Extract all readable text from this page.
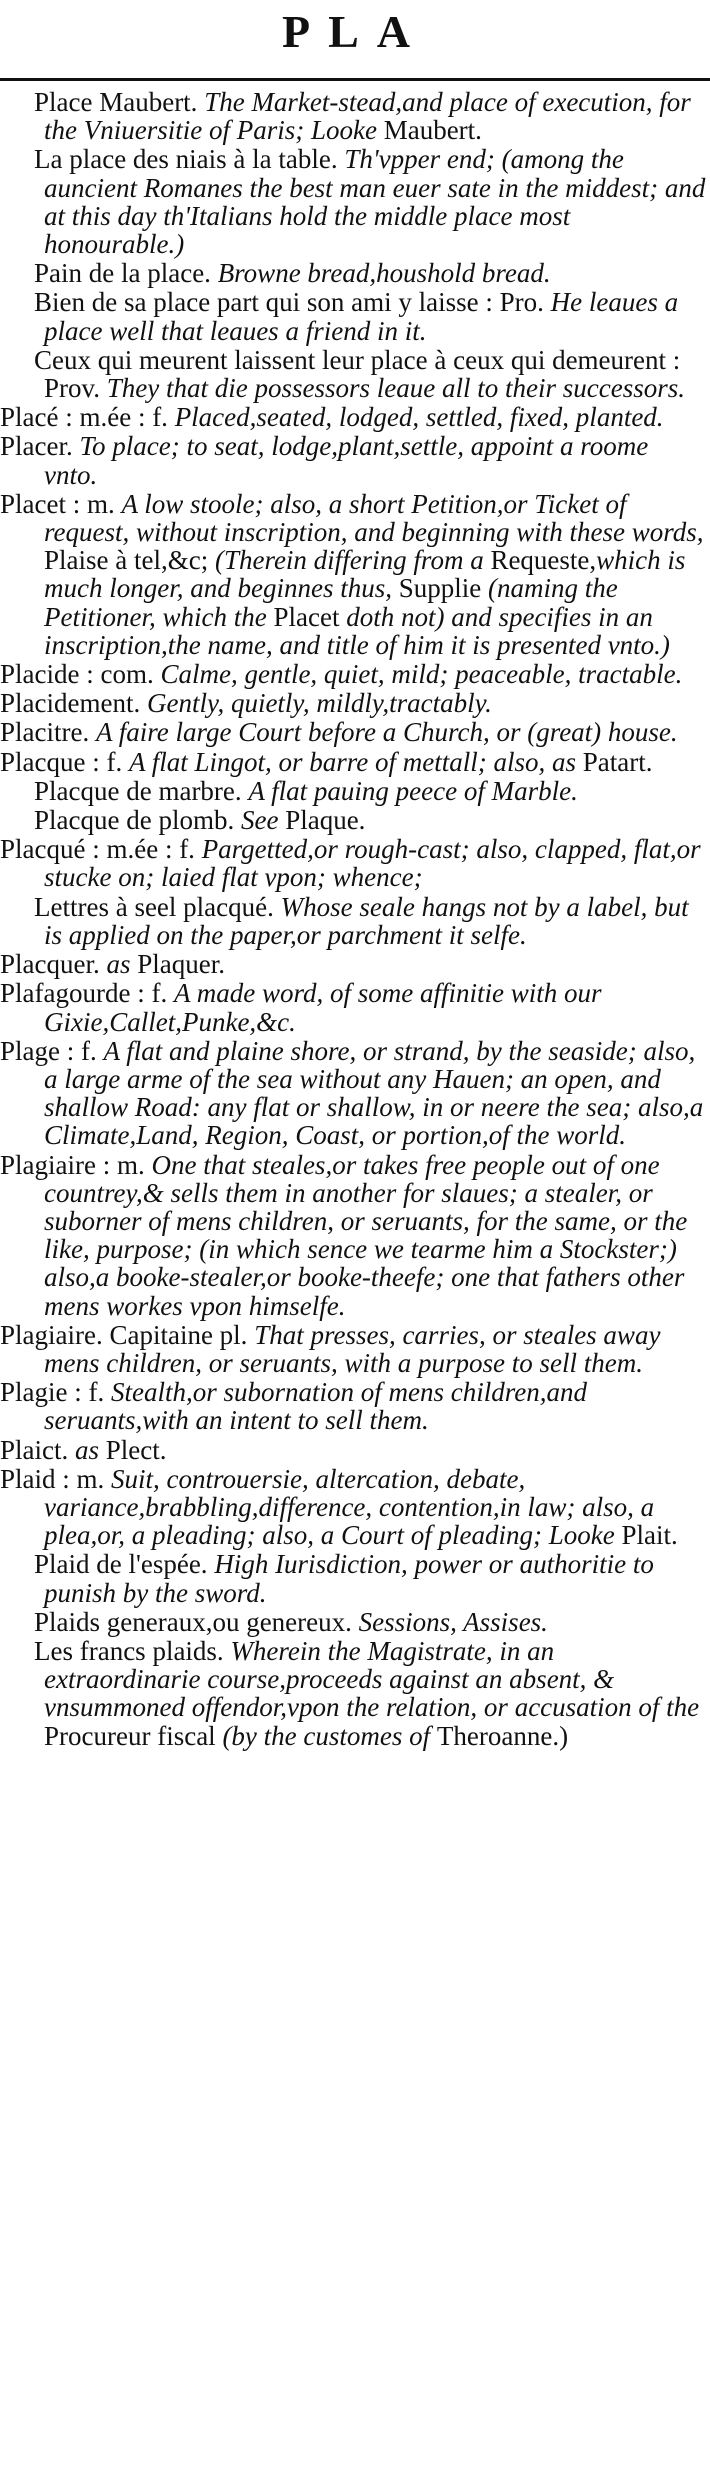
PLA
Place Maubert. The Market-stead,and place of execution, for the Vniuersitie of Paris; Looke Maubert.
La place des niais à la table. Th'vpper end; (among the auncient Romanes the best man euer sate in the middest; and at this day th'Italians hold the middle place most honourable.)
Pain de la place. Browne bread,houshold bread.
Bien de sa place part qui son ami y laisse : Pro. He leaues a place well that leaues a friend in it.
Ceux qui meurent laissent leur place à ceux qui demeurent : Prov. They that die possessors leaue all to their successors.
Placé : m.ée : f. Placed,seated, lodged, settled, fixed, planted.
Placer. To place; to seat, lodge,plant,settle, appoint a roome vnto.
Placet : m. A low stoole; also, a short Petition,or Ticket of request, without inscription, and beginning with these words, Plaise à tel,&c; (Therein differing from a Requeste,which is much longer, and beginnes thus, Supplie (naming the Petitioner, which the Placet doth not) and specifies in an inscription,the name, and title of him it is presented vnto.)
Placide : com. Calme, gentle, quiet, mild; peaceable, tractable.
Placidement. Gently, quietly, mildly,tractably.
Placitre. A faire large Court before a Church, or (great) house.
Placque : f. A flat Lingot, or barre of mettall; also, as Patart.
Placque de marbre. A flat pauing peece of Marble.
Placque de plomb. See Plaque.
Placqué : m.ée : f. Pargetted,or rough-cast; also, clapped, flat,or stucke on; laied flat vpon; whence;
Lettres à seel placqué. Whose seale hangs not by a label, but is applied on the paper,or parchment it selfe.
Placquer. as Plaquer.
Plafagourde : f. A made word, of some affinitie with our Gixie,Callet,Punke,&c.
Plage : f. A flat and plaine shore, or strand, by the seaside; also, a large arme of the sea without any Hauen; an open, and shallow Road: any flat or shallow, in or neere the sea; also,a Climate,Land, Region, Coast, or portion,of the world.
Plagiaire : m. One that steales,or takes free people out of one countrey,& sells them in another for slaues; a stealer, or suborner of mens children, or seruants, for the same, or the like, purpose; (in which sence we tearme him a Stockster;) also,a booke-stealer,or booke-theefe; one that fathers other mens workes vpon himselfe.
Plagiaire. Capitaine pl. That presses, carries, or steales away mens children, or seruants, with a purpose to sell them.
Plagie : f. Stealth,or subornation of mens children,and seruants,with an intent to sell them.
Plaict. as Plect.
Plaid : m. Suit, controuersie, altercation, debate, variance,brabbling,difference, contention,in law; also, a plea,or, a pleading; also, a Court of pleading; Looke Plait.
Plaid de l'espée. High Iurisdiction, power or authoritie to punish by the sword.
Plaids generaux,ou genereux. Sessions, Assises.
Les francs plaids. Wherein the Magistrate, in an extraordinarie course,proceeds against an absent, & vnsummoned offendor,vpon the relation, or accusation of the Procureur fiscal (by the customes of Theroanne.)
